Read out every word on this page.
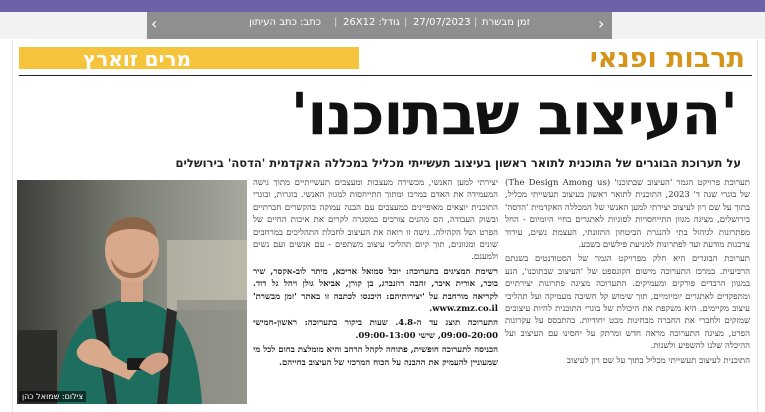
‹	כתב: כתב העיתון | גודל: 26X12 | 27/07/2023 | זמן מבשרת	›
מרים זוארץ	תרבות ופנאי
'העיצוב שבתוכנו'
על תערוכת הבוגרים של התוכנית לתואר ראשון בעיצוב תעשייתי מכליל במכללה האקדמית 'הדסה' בירושלים

תערוכת פרויקט הגמר 'העיצוב שבתוכנו' (The Design Among us) של בוגרי שנה ד' 2023, התוכנית לתואר ראשון בעיצוב תעשייתי מכליל, בתוך על שם רון לעיצוב יצירתי למען האנשי של המכללה האקדמית 'הדסה' בירושלים, מציגה מגוון התייחסויות לסוגיות לאתגרים בחיי היומיום - החל מפתרונות לגיהול בתי להנגרת הביטחון התזונתי, העצמת נשים, עידוד צרכנות מודעת ועד לפתרונות למניעת פילשים בשבע.

תערוכת הבוגרים היא חלק מפרויקט הגמר של הסטודנטים בשנתם הרביעית. במרכז התערוכה מישום הקונספט של 'העיצוב שבתוכנו', הנע במגוון הרבדים פורקים ומעמיקים. התערוכה מציגה פתרונות יצירתיים ומתפקדים לאתגרים יומיומיים, תוך שימוש קל חשיבה מעמיקה ועל תהליכי עיצוב מקיימים. היא משקפת את היכולת של בוגרי התוכנית להיות עיצובים שמזקים ולחברי את החברה מבחינות מבט יחודיות. בהתבסס על עקרונות הפרט, מציגה התערוכה מראה חדש ומרתק על יחסינו עם העיצוב ועל ההיכלה שלנו להשפיע ולשנות.

התוכנית לעיצוב תעשייתי מכליל בתוך על שם רון לעיצוב

יצירתי למען האנשי, מכשירה מעצבות ומעצבים תעשייתיים מתוך גישה המעמידה את האדם במרכז ומתוך התייחסות למגוון האנשי. בוגרות, ובוגרי התוכנית יוצאים מאופיינים כמעצבים עם הבנה עמוקה בהקשרים חברתיים ובשוק העבודה, הם מהנים צורכים במסגרה לקרים את איכות החיים של הפרט ושל הקהילה. גישה זו רואה את העיצוב לחבלת התהליכים במרחבים שונים ומגוונים, תוך קיום תהליכי עיצוב משתפים - עם אנשים ועם נשים ולמענם.

רשימת המציגים בתערוכה: יובל סמואל אריכא, מיתר לוב-אקסר, שיר בוכר, אורית איכר, זהבה רוזנברג, בן קורן, אביאל גולן ויהל גל דוד. לקריאה מורחבת על 'יצירותיהם: היכנסו לכתבה זו באתר 'זמן מבשרת' www.zmz.co.il.

התערוכה תוצג עד ה-4.8. שעות ביקור בתערוכה: ראשון-חמישי 09:00-20:00, שישי 09:00-13:00.

הכניסה לתערוכה חופשית, פתוחה לקהל הרחב והיא מומלצת בחום לכל מי שמעוניין להעמיק את ההבנה על הכוח המרכזי של העיצוב בחייהם.

צילום: שמואל כהן
